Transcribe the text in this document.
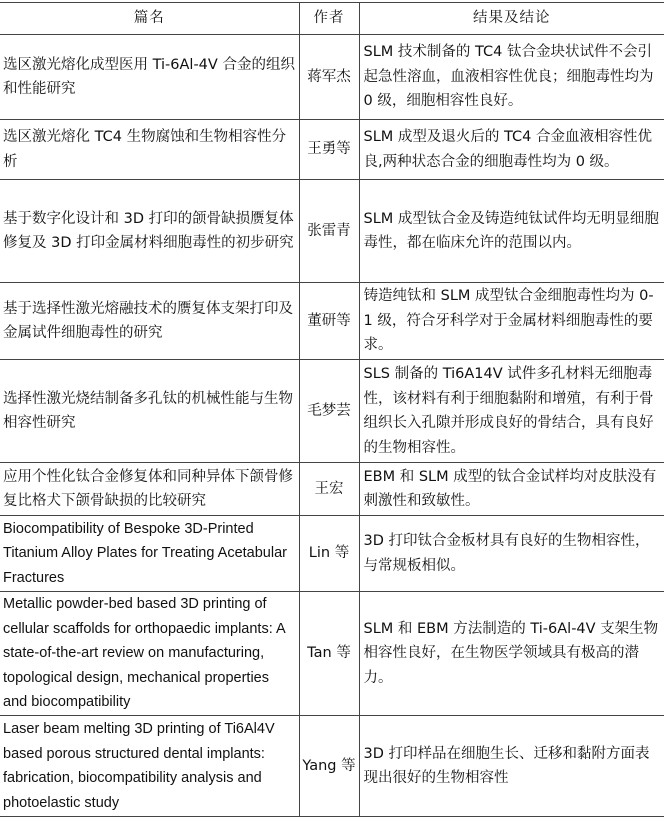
篇名	作者	结果及结论
选区激光熔化成型医用 Ti-6Al-4V 合金的组织和性能研究	蒋军杰	SLM 技术制备的 TC4 钛合金块状试件不会引起急性溶血，血液相容性优良；细胞毒性均为 0 级，细胞相容性良好。
选区激光熔化 TC4 生物腐蚀和生物相容性分析	王勇等	SLM 成型及退火后的 TC4 合金血液相容性优良,两种状态合金的细胞毒性均为 0 级。
基于数字化设计和 3D 打印的颌骨缺损赝复体修复及 3D 打印金属材料细胞毒性的初步研究	张雷青	SLM 成型钛合金及铸造纯钛试件均无明显细胞毒性，都在临床允许的范围以内。
基于选择性激光熔融技术的赝复体支架打印及金属试件细胞毒性的研究	董研等	铸造纯钛和 SLM 成型钛合金细胞毒性均为 0-1 级，符合牙科学对于金属材料细胞毒性的要求。
选择性激光烧结制备多孔钛的机械性能与生物相容性研究	毛梦芸	SLS 制备的 Ti6A14V 试件多孔材料无细胞毒性，该材料有利于细胞黏附和增殖，有利于骨组织长入孔隙并形成良好的骨结合，具有良好的生物相容性。
应用个性化钛合金修复体和同种异体下颌骨修复比格犬下颌骨缺损的比较研究	王宏	EBM 和 SLM 成型的钛合金试样均对皮肤没有刺激性和致敏性。
Biocompatibility of Bespoke 3D-Printed Titanium Alloy Plates for Treating Acetabular Fractures	Lin 等	3D 打印钛合金板材具有良好的生物相容性，与常规板相似。
Metallic powder-bed based 3D printing of cellular scaffolds for orthopaedic implants: A state-of-the-art review on manufacturing, topological design, mechanical properties and biocompatibility	Tan 等	SLM 和 EBM 方法制造的 Ti-6Al-4V 支架生物相容性良好，在生物医学领域具有极高的潜力。
Laser beam melting 3D printing of Ti6Al4V based porous structured dental implants: fabrication, biocompatibility analysis and photoelastic study	Yang 等	3D 打印样品在细胞生长、迁移和黏附方面表现出很好的生物相容性
